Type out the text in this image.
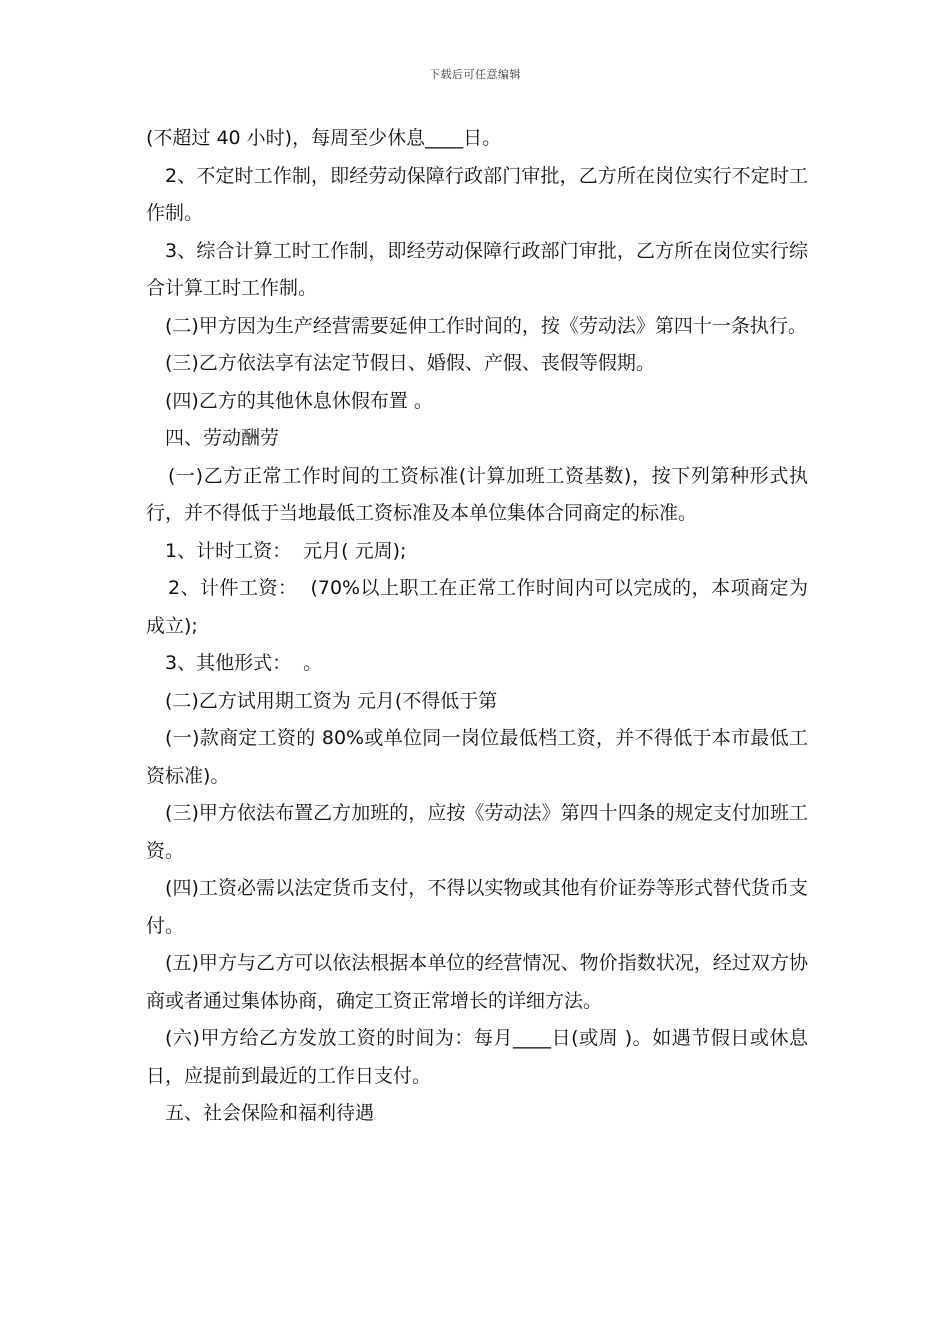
下载后可任意编辑

(不超过 40 小时)，每周至少休息____日。

2、不定时工作制，即经劳动保障行政部门审批，乙方所在岗位实行不定时工作制。

3、综合计算工时工作制，即经劳动保障行政部门审批，乙方所在岗位实行综合计算工时工作制。

(二)甲方因为生产经营需要延伸工作时间的，按《劳动法》第四十一条执行。

(三)乙方依法享有法定节假日、婚假、产假、丧假等假期。

(四)乙方的其他休息休假布置 。

四、劳动酬劳

(一)乙方正常工作时间的工资标准(计算加班工资基数)，按下列第种形式执行，并不得低于当地最低工资标准及本单位集体合同商定的标准。

1、计时工资：  元月( 元周);

2、计件工资：  (70%以上职工在正常工作时间内可以完成的，本项商定为成立);

3、其他形式：  。

(二)乙方试用期工资为 元月(不得低于第

(一)款商定工资的 80%或单位同一岗位最低档工资，并不得低于本市最低工资标准)。

(三)甲方依法布置乙方加班的，应按《劳动法》第四十四条的规定支付加班工资。

(四)工资必需以法定货币支付，不得以实物或其他有价证券等形式替代货币支付。

(五)甲方与乙方可以依法根据本单位的经营情况、物价指数状况，经过双方协商或者通过集体协商，确定工资正常增长的详细方法。

(六)甲方给乙方发放工资的时间为：每月____日(或周 )。如遇节假日或休息日，应提前到最近的工作日支付。

五、社会保险和福利待遇
